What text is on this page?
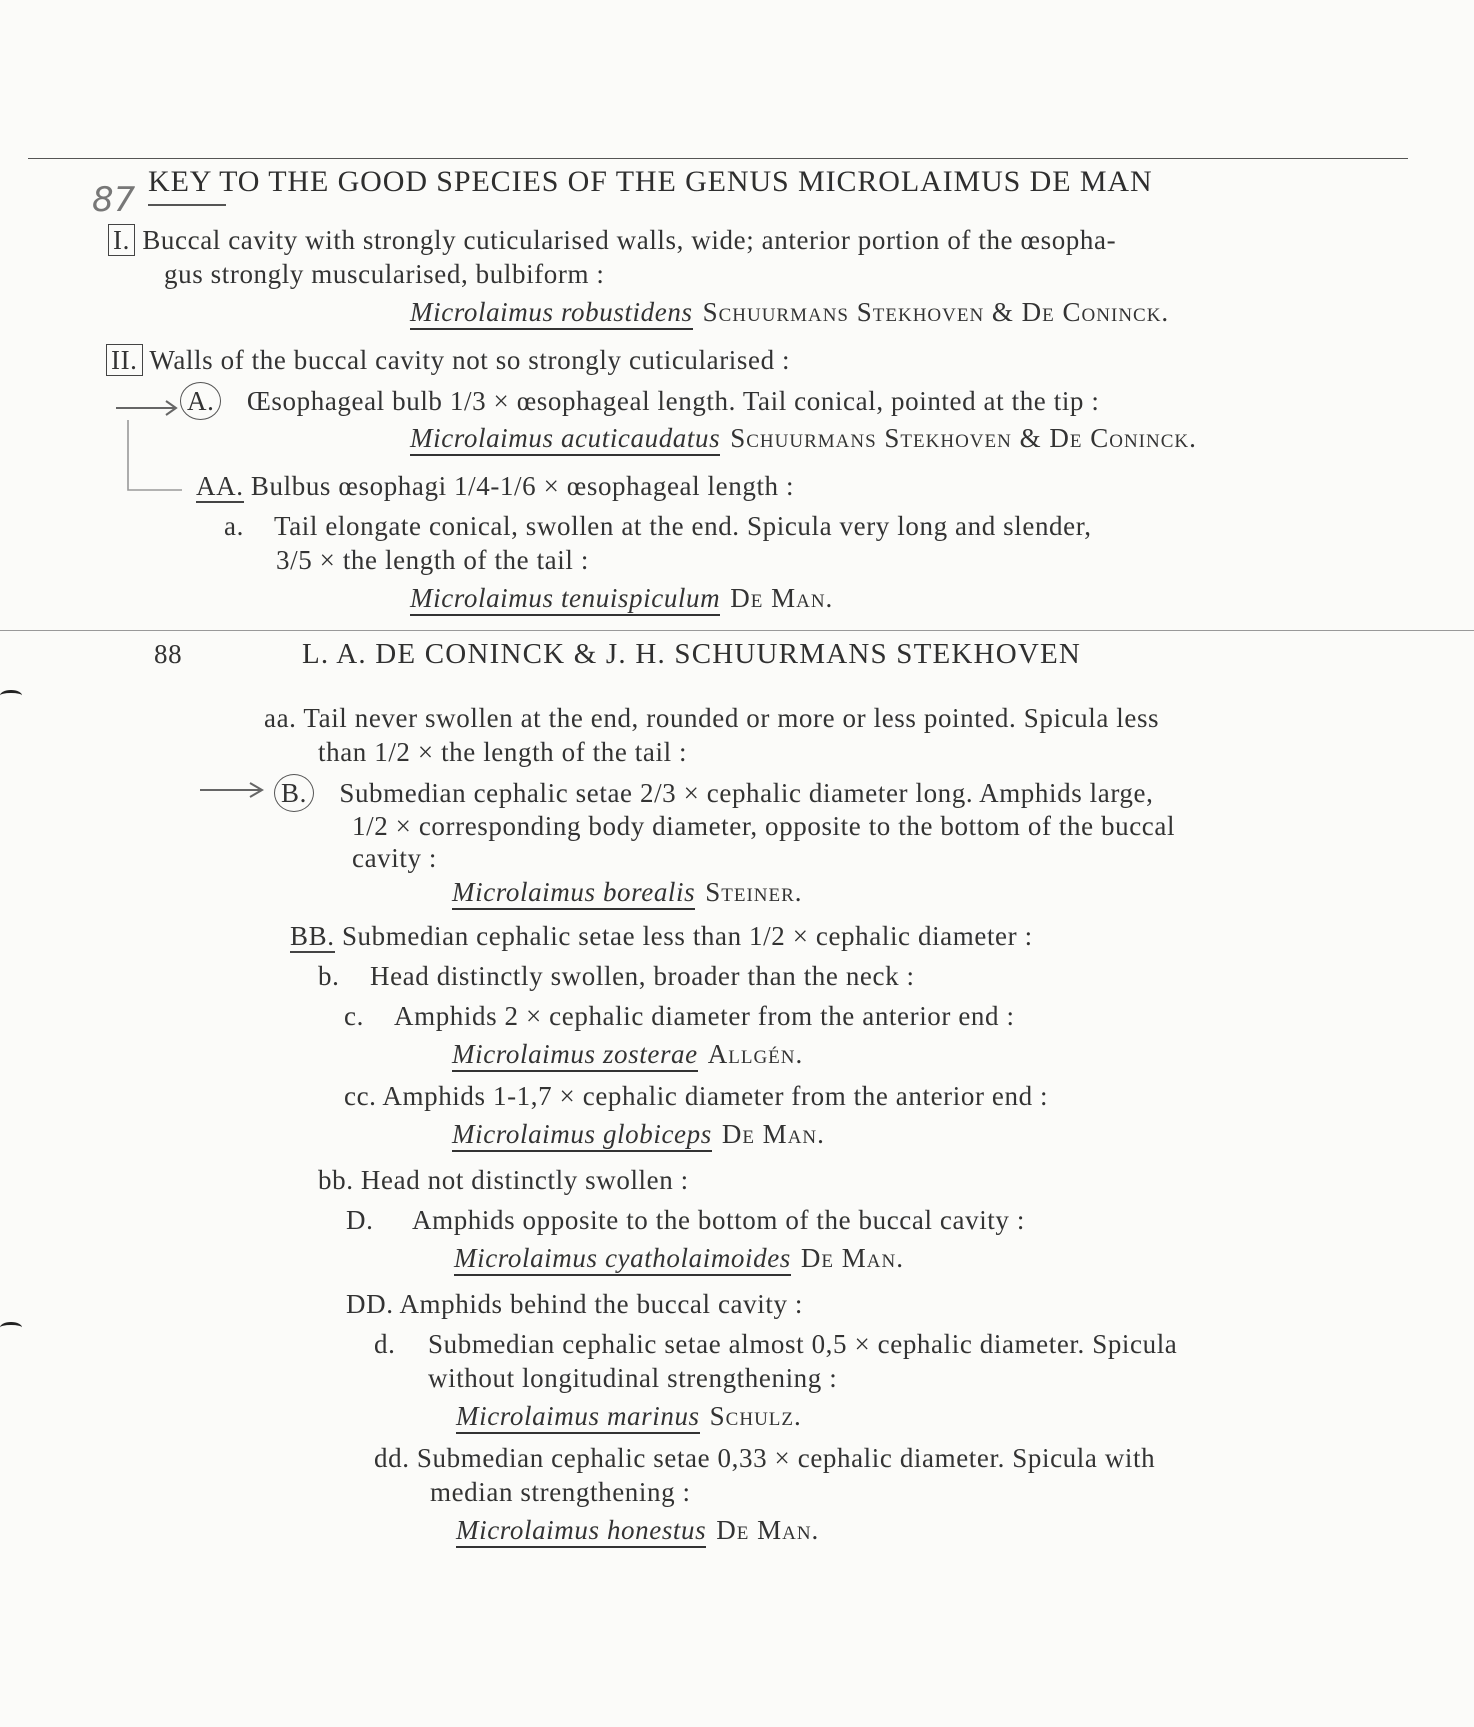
87 KEY TO THE GOOD SPECIES OF THE GENUS MICROLAIMUS DE MAN
I. Buccal cavity with strongly cuticularised walls, wide; anterior portion of the œsopha-
gus strongly muscularised, bulbiform :
Microlaimus robustidens Schuurmans Stekhoven & De Coninck.
II. Walls of the buccal cavity not so strongly cuticularised :
A. Œsophageal bulb 1/3 × œsophageal length. Tail conical, pointed at the tip :
Microlaimus acuticaudatus Schuurmans Stekhoven & De Coninck.
AA. Bulbus œsophagi 1/4-1/6 × œsophageal length :
a. Tail elongate conical, swollen at the end. Spicula very long and slender,
3/5 × the length of the tail :
Microlaimus tenuispiculum De Man.
88	L. A. DE CONINCK & J. H. SCHUURMANS STEKHOVEN
aa. Tail never swollen at the end, rounded or more or less pointed. Spicula less
than 1/2 × the length of the tail :
B. Submedian cephalic setae 2/3 × cephalic diameter long. Amphids large,
1/2 × corresponding body diameter, opposite to the bottom of the buccal
cavity :
Microlaimus borealis Steiner.
BB. Submedian cephalic setae less than 1/2 × cephalic diameter :
b. Head distinctly swollen, broader than the neck :
c. Amphids 2 × cephalic diameter from the anterior end :
Microlaimus zosterae Allgén.
cc. Amphids 1-1,7 × cephalic diameter from the anterior end :
Microlaimus globiceps De Man.
bb. Head not distinctly swollen :
D. Amphids opposite to the bottom of the buccal cavity :
Microlaimus cyatholaimoides De Man.
DD. Amphids behind the buccal cavity :
d. Submedian cephalic setae almost 0,5 × cephalic diameter. Spicula
without longitudinal strengthening :
Microlaimus marinus Schulz.
dd. Submedian cephalic setae 0,33 × cephalic diameter. Spicula with
median strengthening :
Microlaimus honestus De Man.
